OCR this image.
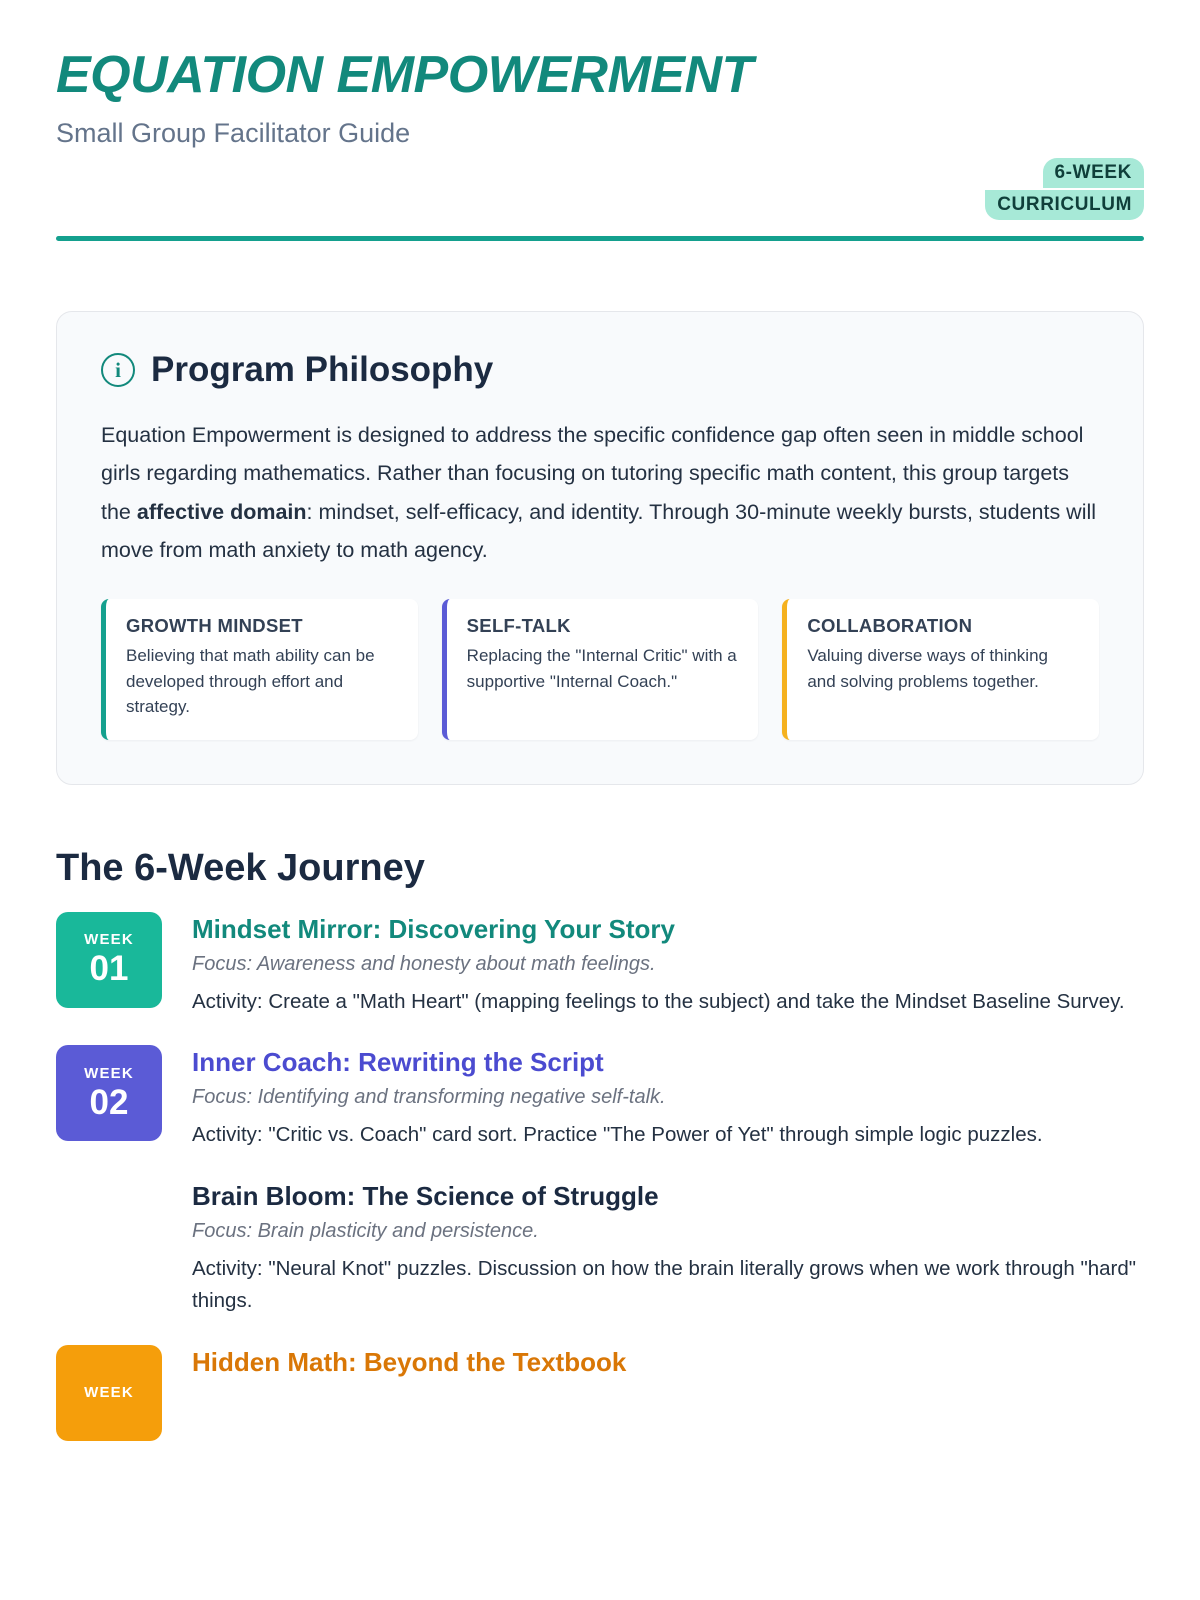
EQUATION EMPOWERMENT
Small Group Facilitator Guide
6-WEEK
CURRICULUM
i Program Philosophy

Equation Empowerment is designed to address the specific confidence gap often seen in middle school girls regarding mathematics. Rather than focusing on tutoring specific math content, this group targets the affective domain: mindset, self-efficacy, and identity. Through 30-minute weekly bursts, students will move from math anxiety to math agency.

GROWTH MINDSET
Believing that math ability can be developed through effort and strategy.
SELF-TALK
Replacing the "Internal Critic" with a supportive "Internal Coach."
COLLABORATION
Valuing diverse ways of thinking and solving problems together.
The 6-Week Journey
WEEK
01
Mindset Mirror: Discovering Your Story
Focus: Awareness and honesty about math feelings.
Activity: Create a "Math Heart" (mapping feelings to the subject) and take the Mindset Baseline Survey.
WEEK
02
Inner Coach: Rewriting the Script
Focus: Identifying and transforming negative self-talk.
Activity: "Critic vs. Coach" card sort. Practice "The Power of Yet" through simple logic puzzles.
Brain Bloom: The Science of Struggle
Focus: Brain plasticity and persistence.
Activity: "Neural Knot" puzzles. Discussion on how the brain literally grows when we work through "hard" things.
WEEK
Hidden Math: Beyond the Textbook
